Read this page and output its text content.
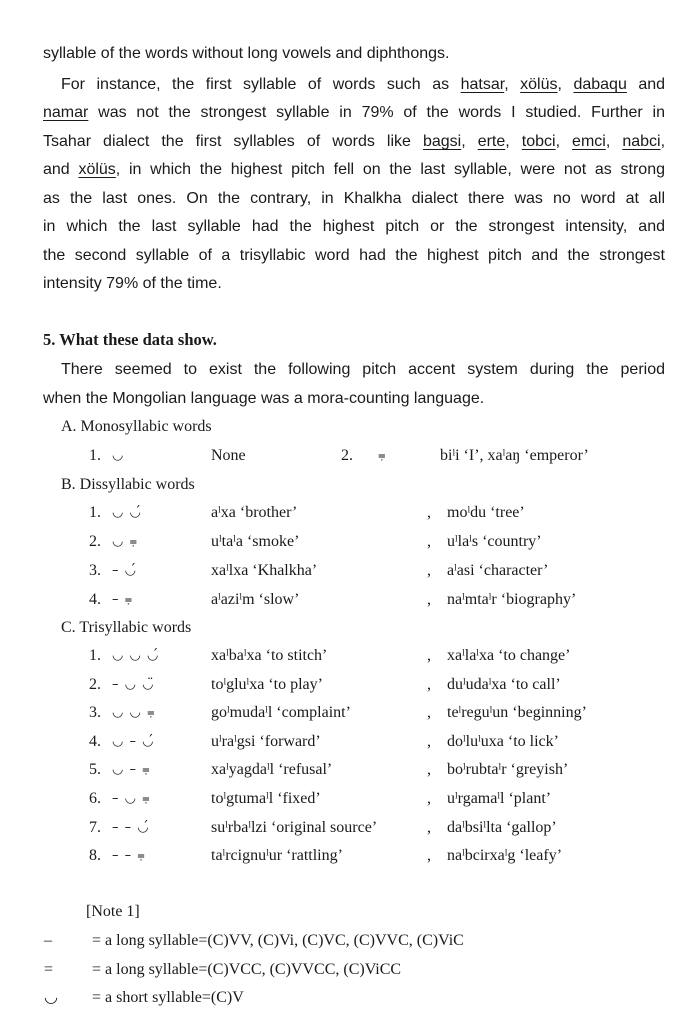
syllable of the words without long vowels and diphthongs.
For instance, the first syllable of words such as hatsar, xölüs, dabaqu and
namar was not the strongest syllable in 79% of the words I studied. Further in
Tsahar dialect the first syllables of words like bagsi, erte, tobci, emci, nabci,
and xölüs, in which the highest pitch fell on the last syllable, were not as strong
as the last ones. On the contrary, in Khalkha dialect there was no word at all
in which the last syllable had the highest pitch or the strongest intensity, and
the second syllable of a trisyllabic word had the highest pitch and the strongest
intensity 79% of the time.
5. What these data show.
There seemed to exist the following pitch accent system during the period
when the Mongolian language was a mora-counting language.
A. Monosyllabic words
1. ◡	None	2. ⩦	biˡi ‘I’, xaˡaŋ ‘emperor’
B. Dissyllabic words
1. ◡ ◡́	aˡxa ‘brother’	, moˡdu ‘tree’
2. ◡ ⩦	uˡtaˡa ‘smoke’	, uˡlaˡs ‘country’
3. – ◡́	xaˡlxa ‘Khalkha’	, aˡasi ‘character’
4. – ⩦	aˡaziˡm ‘slow’	, naˡmtaˡr ‘biography’
C. Trisyllabic words
1. ◡ ◡ ◡́	xaˡbaˡxa ‘to stitch’	, xaˡlaˡxa ‘to change’
2. – ◡ ◡̈	toˡgluˡxa ‘to play’	, duˡudaˡxa ‘to call’
3. ◡ ◡ ⩦	goˡmudaˡl ‘complaint’	, teˡreguˡun ‘beginning’
4. ◡ – ◡́	uˡraˡgsi ‘forward’	, doˡluˡuxa ‘to lick’
5. ◡ – ⩦	xaˡyagdaˡl ‘refusal’	, boˡrubtaˡr ‘greyish’
6. – ◡ ⩦	toˡgtumaˡl ‘fixed’	, uˡrgamaˡl ‘plant’
7. – – ◡́	suˡrbaˡlzi ‘original source’	, daˡbsiˡlta ‘gallop’
8. – – ⩦	taˡrcignuˡur ‘rattling’	, naˡbcirxaˡg ‘leafy’
[Note 1]
–	= a long syllable=(C)VV, (C)Vi, (C)VC, (C)VVC, (C)ViC
= = a long syllable=(C)VCC, (C)VVCC, (C)ViCC
◡ = a short syllable=(C)V
